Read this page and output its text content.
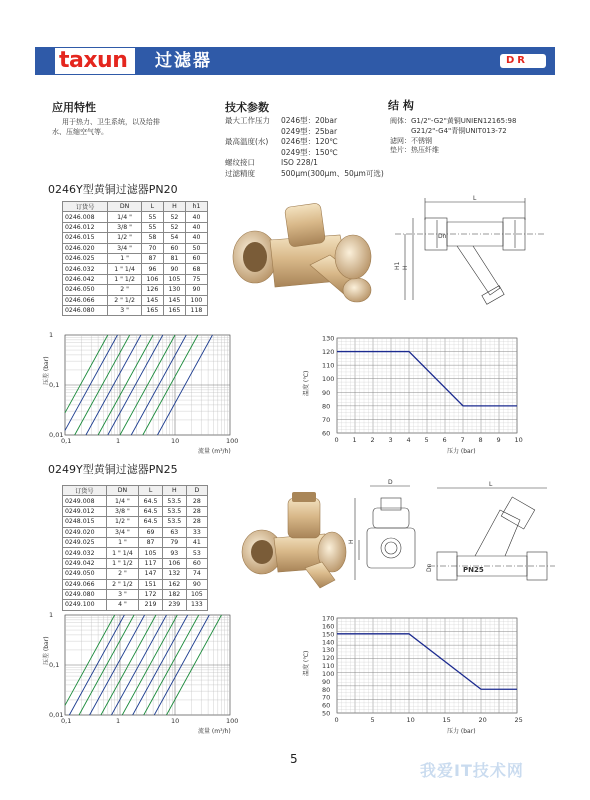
taxun 过滤器	DR
应用特性
用于热力、卫生系统，以及给排
水、压缩空气等。
技术参数
最大工作压力	0246型：20bar
0249型：25bar
最高温度(水)	0246型：120℃
0249型：150℃
螺纹接口	ISO 228/1
过滤精度	500μm(300μm、50μm可选)
结 构
阀体：G1/2"-G2"黄铜UNIEN12165:98
G21/2"-G4"青铜UNIT013-72
滤网：不锈钢
垫片：热压纤维
0246Y型黄铜过滤器PN20
订货号	DN	L	H	h1
0246.008	1/4 "	55	52	40
0246.012	3/8 "	55	52	40
0246.015	1/2 "	58	54	40
0246.020	3/4 "	70	60	50
0246.025	1 "	87	81	60
0246.032	1 " 1/4	96	90	68
0246.042	1 " 1/2	106	105	75
0246.050	2 "	126	130	90
0246.066	2 " 1/2	145	145	100
0246.080	3 "	165	165	118
L
Dn
H
H1
0,1	1	10	100
0,01
0,1
1
流量 (m³/h)
压差 (bar)
0 1 2 3 4 5 6 7 8 9 10
60
70
80
90
100
110
120
130
压力 (bar)
温度 (℃)
0249Y型黄铜过滤器PN25
订货号	DN	L	H	D
0249.008	1/4 "	64.5	53.5	28
0249.012	3/8 "	64.5	53.5	28
0248.015	1/2 "	64.5	53.5	28
0249.020	3/4 "	69	63	33
0249.025	1 "	87	79	41
0249.032	1 " 1/4	105	93	53
0249.042	1 " 1/2	117	106	60
0249.050	2 "	147	132	74
0249.066	2 " 1/2	151	162	90
0249.080	3 "	172	182	105
0249.100	4 "	219	239	133
D
H
L
Dn	PN25
0,1	1	10	100
0,01
0,1
1
流量 (m³/h)
压差 (bar)
0	5	10	15	20	25
50
60
70
80
90
100
110
120
130
140
150
160
170
压力 (bar)
温度 (℃)
5
我爱IT技术网
